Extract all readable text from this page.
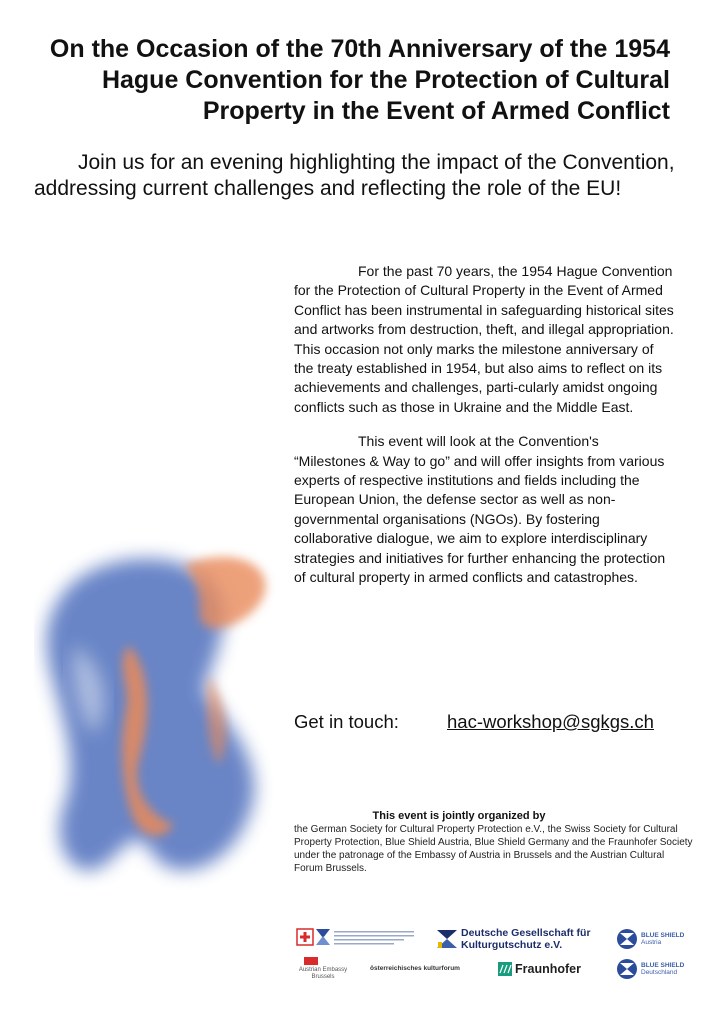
On the Occasion of the 70th Anniversary of the 1954 Hague Convention for the Protection of Cultural Property in the Event of Armed Conflict

Join us for an evening highlighting the impact of the Convention, addressing current challenges and reflecting the role of the EU!

For the past 70 years, the 1954 Hague Convention for the Protection of Cultural Property in the Event of Armed Conflict has been instrumental in safeguarding historical sites and artworks from destruction, theft, and illegal appropriation. This occasion not only marks the milestone anniversary of the treaty established in 1954, but also aims to reflect on its achievements and challenges, parti-cularly amidst ongoing conflicts such as those in Ukraine and the Middle East.

This event will look at the Convention's “Milestones & Way to go” and will offer insights from various experts of respective institutions and fields including the European Union, the defense sector as well as non-governmental organisations (NGOs). By fostering collaborative dialogue, we aim to explore interdisciplinary strategies and initiatives for further enhancing the protection of cultural property in armed conflicts and catastrophes.

Get in touch:	hac-workshop@sgkgs.ch
This event is jointly organized by
the German Society for Cultural Property Protection e.V., the Swiss Society for Cultural Property Protection, Blue Shield Austria, Blue Shield Germany and the Fraunhofer Society under the patronage of the Embassy of Austria in Brussels and the Austrian Cultural Forum Brussels.
Austrian Embassy Brussels
Deutsche Gesellschaft für Kulturgutschutz e.V.
BLUE SHIELD
Austria
österreichisches kulturforum	Fraunhofer	BLUE SHIELD
Deutschland
